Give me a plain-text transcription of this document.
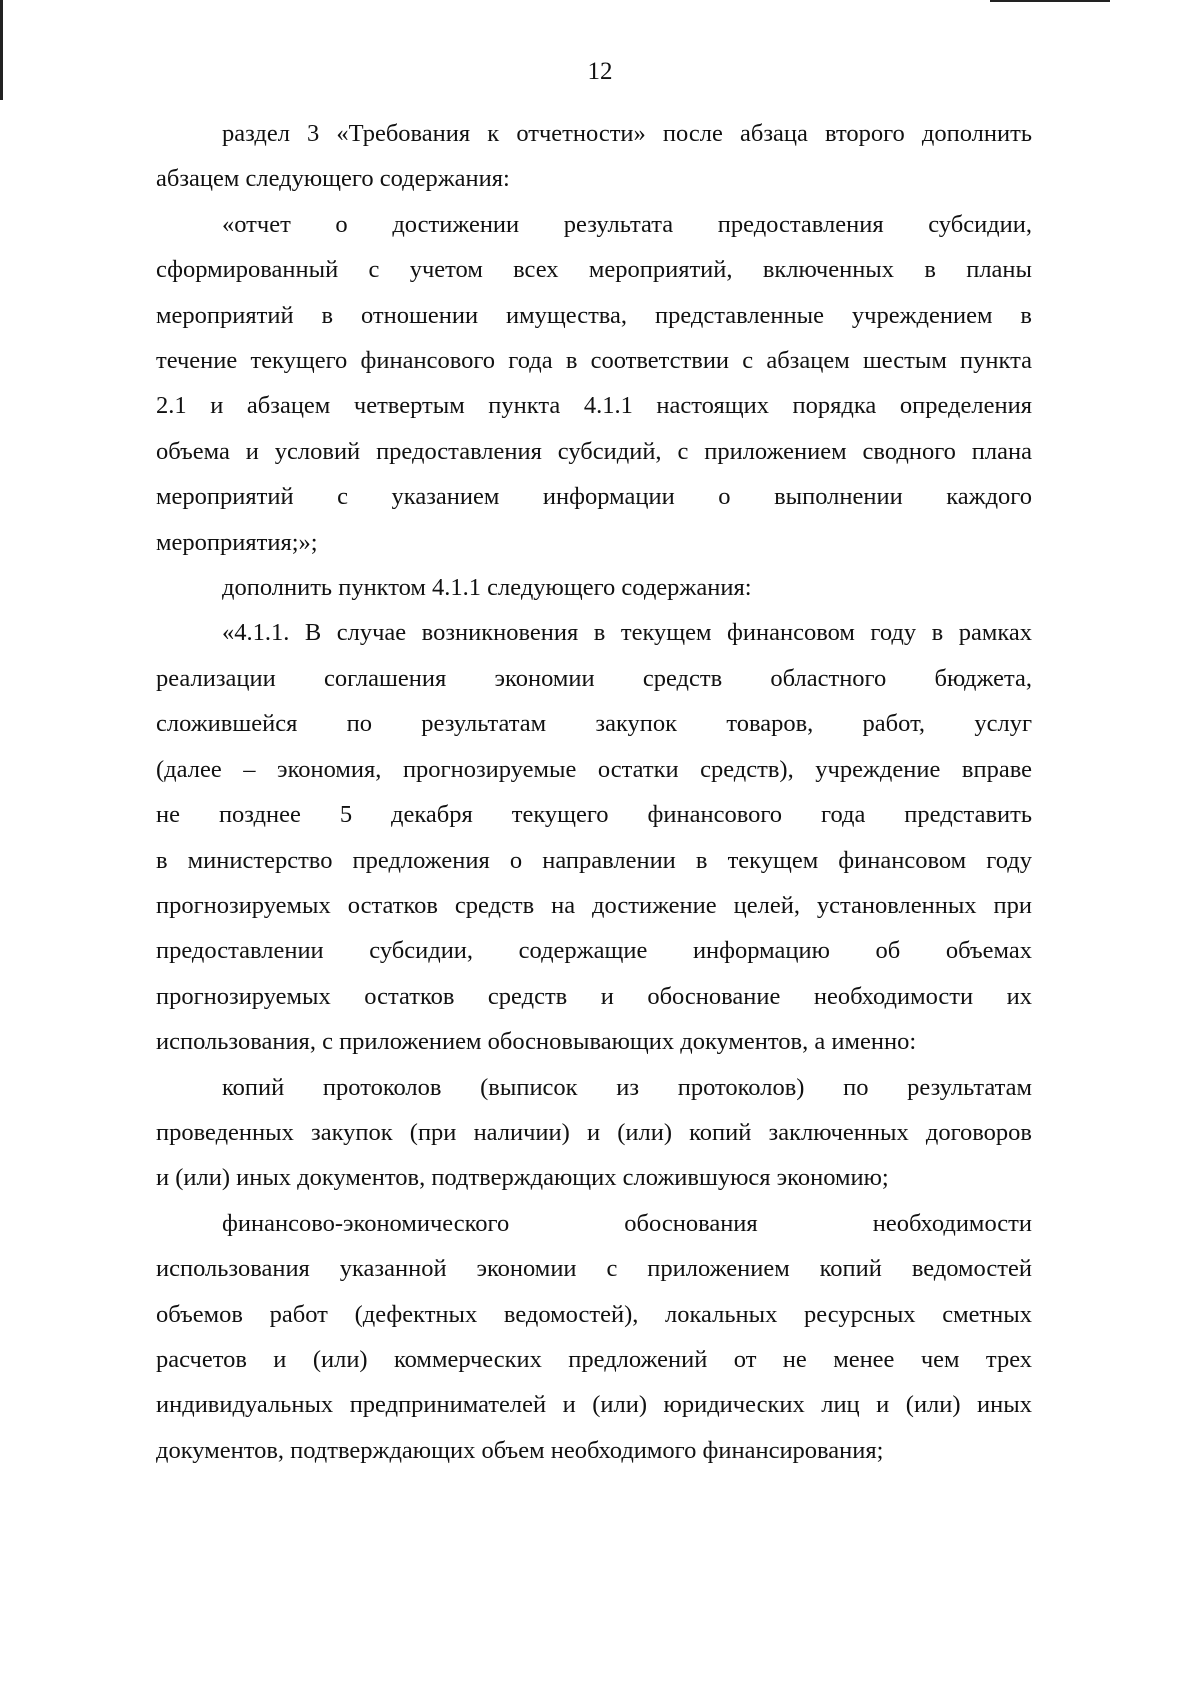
12
раздел 3 «Требования к отчетности» после абзаца второго дополнить
абзацем следующего содержания:
«отчет о достижении результата предоставления субсидии,
сформированный с учетом всех мероприятий, включенных в планы
мероприятий в отношении имущества, представленные учреждением в
течение текущего финансового года в соответствии с абзацем шестым пункта
2.1 и абзацем четвертым пункта 4.1.1 настоящих порядка определения
объема и условий предоставления субсидий, с приложением сводного плана
мероприятий с указанием информации о выполнении каждого
мероприятия;»;
дополнить пунктом 4.1.1 следующего содержания:
«4.1.1. В случае возникновения в текущем финансовом году в рамках
реализации соглашения экономии средств областного бюджета,
сложившейся по результатам закупок товаров, работ, услуг
(далее – экономия, прогнозируемые остатки средств), учреждение вправе
не позднее 5 декабря текущего финансового года представить
в министерство предложения о направлении в текущем финансовом году
прогнозируемых остатков средств на достижение целей, установленных при
предоставлении субсидии, содержащие информацию об объемах
прогнозируемых остатков средств и обоснование необходимости их
использования, с приложением обосновывающих документов, а именно:
копий протоколов (выписок из протоколов) по результатам
проведенных закупок (при наличии) и (или) копий заключенных договоров
и (или) иных документов, подтверждающих сложившуюся экономию;
финансово-экономического обоснования необходимости
использования указанной экономии с приложением копий ведомостей
объемов работ (дефектных ведомостей), локальных ресурсных сметных
расчетов и (или) коммерческих предложений от не менее чем трех
индивидуальных предпринимателей и (или) юридических лиц и (или) иных
документов, подтверждающих объем необходимого финансирования;
